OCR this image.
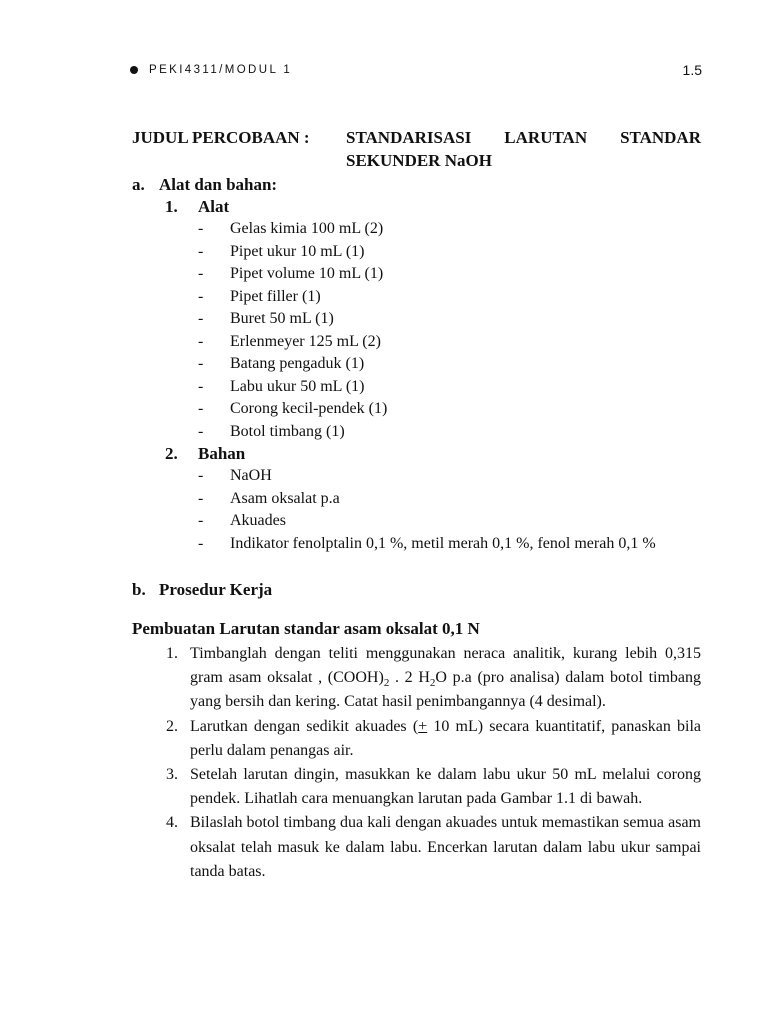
PEKI4311/MODUL 1	1.5
JUDUL PERCOBAAN :	STANDARISASI LARUTAN STANDAR
SEKUNDER NaOH
a. Alat dan bahan:
1.	Alat
-	Gelas kimia 100 mL (2)
-	Pipet ukur 10 mL (1)
-	Pipet volume 10 mL (1)
-	Pipet filler (1)
-	Buret 50 mL (1)
-	Erlenmeyer 125 mL (2)
-	Batang pengaduk (1)
-	Labu ukur 50 mL (1)
-	Corong kecil-pendek (1)
-	Botol timbang (1)
2.	Bahan
-	NaOH
-	Asam oksalat p.a
-	Akuades
-	Indikator fenolptalin 0,1 %, metil merah 0,1 %, fenol merah 0,1 %
b. Prosedur Kerja
Pembuatan Larutan standar asam oksalat 0,1 N
1. Timbanglah dengan teliti menggunakan neraca analitik, kurang lebih 0,315 gram asam oksalat , $(COOH)_2$ . 2 $H_2O$ p.a (pro analisa) dalam botol timbang yang bersih dan kering. Catat hasil penimbangannya (4 desimal).
2. Larutkan dengan sedikit akuades (+ 10 mL) secara kuantitatif, panaskan bila perlu dalam penangas air.
3. Setelah larutan dingin, masukkan ke dalam labu ukur 50 mL melalui corong pendek. Lihatlah cara menuangkan larutan pada Gambar 1.1 di bawah.
4. Bilaslah botol timbang dua kali dengan akuades untuk memastikan semua asam oksalat telah masuk ke dalam labu. Encerkan larutan dalam labu ukur sampai tanda batas.
